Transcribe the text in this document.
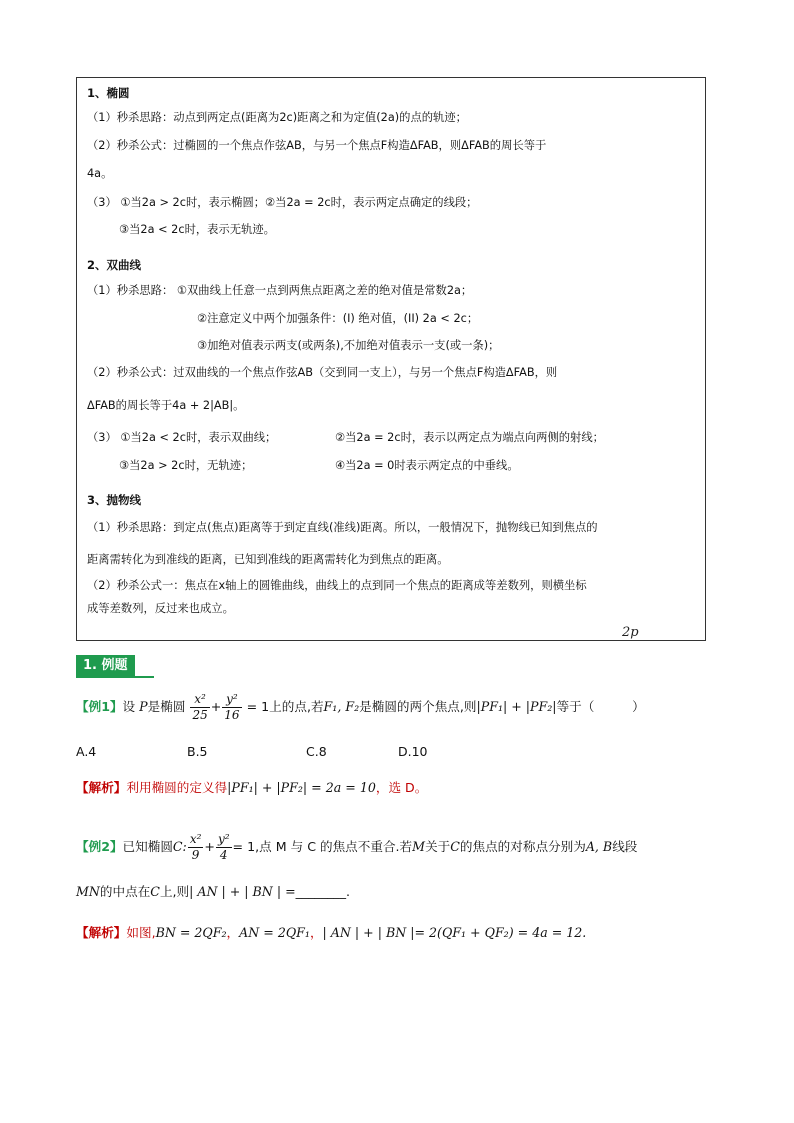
1、椭圆
（1）秒杀思路：动点到两定点(距离为2c)距离之和为定值(2a)的点的轨迹；
（2）秒杀公式：过椭圆的一个焦点作弦AB，与另一个焦点F构造ΔFAB，则ΔFAB的周长等于
4a。
（3） ①当2a > 2c时，表示椭圆；②当2a = 2c时，表示两定点确定的线段；
③当2a < 2c时，表示无轨迹。
2、双曲线
（1）秒杀思路： ①双曲线上任意一点到两焦点距离之差的绝对值是常数2a；
②注意定义中两个加强条件：(I) 绝对值，(II) 2a < 2c；
③加绝对值表示两支(或两条),不加绝对值表示一支(或一条)；
（2）秒杀公式：过双曲线的一个焦点作弦AB（交到同一支上），与另一个焦点F构造ΔFAB，则
ΔFAB的周长等于4a + 2|AB|。
（3） ①当2a < 2c时，表示双曲线；	②当2a = 2c时，表示以两定点为端点向两侧的射线；
③当2a > 2c时，无轨迹；	④当2a = 0时表示两定点的中垂线。
3、抛物线
（1）秒杀思路：到定点(焦点)距离等于到定直线(准线)距离。所以，一般情况下，抛物线已知到焦点的
距离需转化为到准线的距离，已知到准线的距离需转化为到焦点的距离。
（2）秒杀公式一：焦点在x轴上的圆锥曲线，曲线上的点到同一个焦点的距离成等差数列，则横坐标
成等差数列，反过来也成立。
2p
1. 例题
【例1】设 P是椭圆 $\frac{\text{x²}}{25} + \frac{\text{y²}}{16} = 1$上的点,若F₁, F₂是椭圆的两个焦点,则|PF₁| + |PF₂|等于（　　　）
A.4	B.5	C.8	D.10
【解析】利用椭圆的定义得|PF₁| + |PF₂| = 2a = 10，选 D。
【例2】已知椭圆C: $\frac{\text{x²}}{9} + \frac{\text{y²}}{4} = 1$,点 M 与 C 的焦点不重合.若M关于C的焦点的对称点分别为A, B线段
MN的中点在C上,则| AN | + | BN | =________.
【解析】如图,BN = 2QF₂，AN = 2QF₁，| AN | + | BN |= 2(QF₁ + QF₂) = 4a = 12.
